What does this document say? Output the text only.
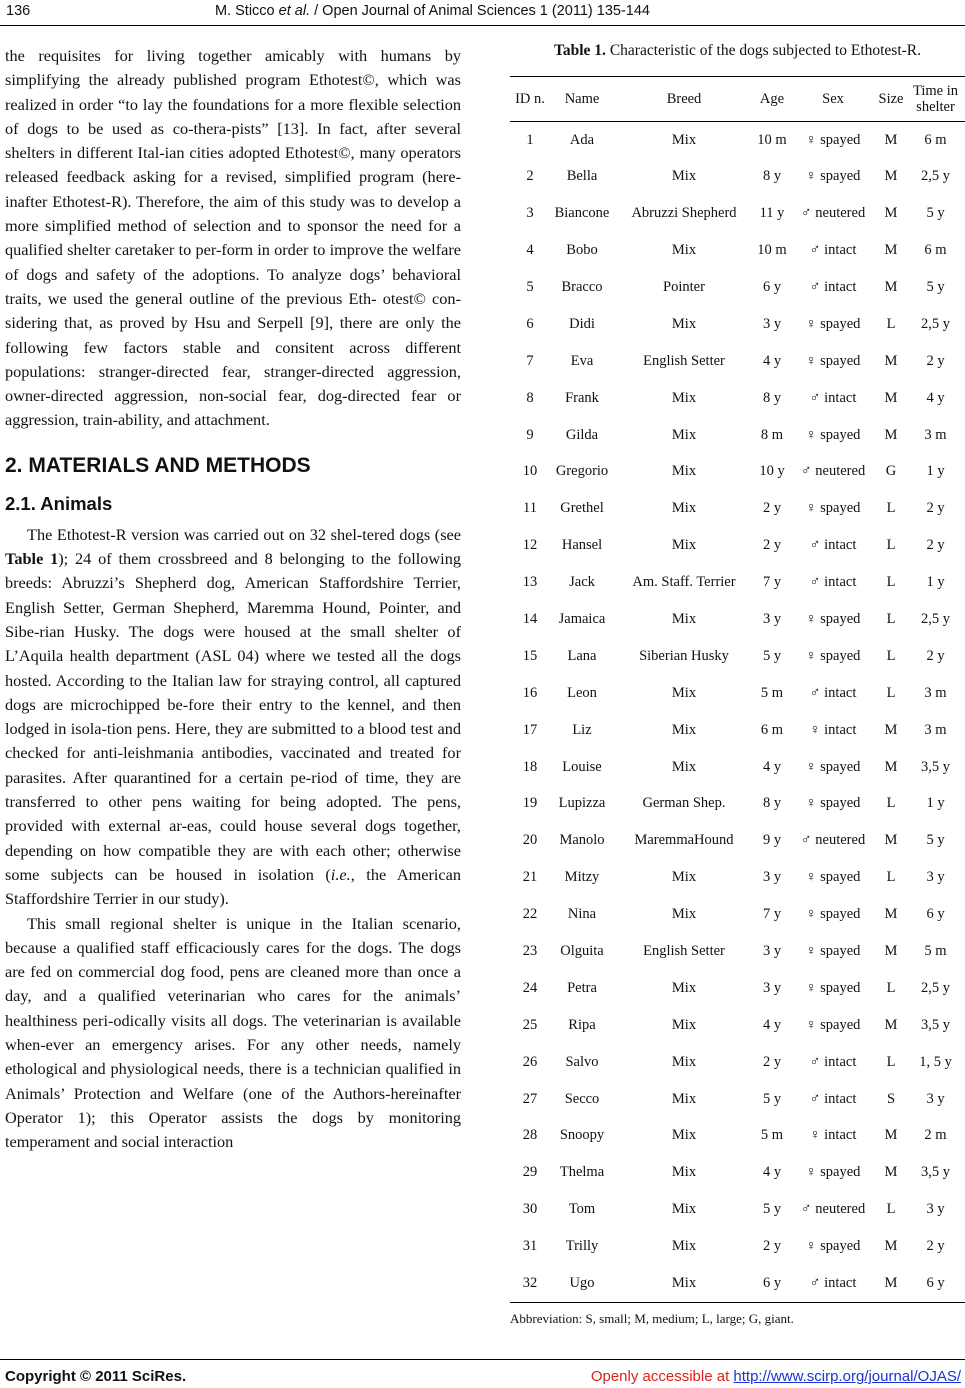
136	M. Sticco et al. / Open Journal of Animal Sciences 1 (2011) 135-144

the requisites for living together amicably with humans by simplifying the already published program Ethotest©, which was realized in order “to lay the foundations for a more flexible selection of dogs to be used as co-thera-pists” [13]. In fact, after several shelters in different Ital-ian cities adopted Ethotest©, many operators released feedback asking for a revised, simplified program (here-inafter Ethotest-R). Therefore, the aim of this study was to develop a more simplified method of selection and to sponsor the need for a qualified shelter caretaker to per-form in order to improve the welfare of dogs and safety of the adoptions. To analyze dogs’ behavioral traits, we used the general outline of the previous Eth- otest© con-sidering that, as proved by Hsu and Serpell [9], there are only the following few factors stable and consitent across different populations: stranger-directed fear, stranger-directed aggression, owner-directed aggression, non-social fear, dog-directed fear or aggression, train-ability, and attachment.

2. MATERIALS AND METHODS
2.1. Animals

The Ethotest-R version was carried out on 32 shel-tered dogs (see Table 1); 24 of them crossbreed and 8 belonging to the following breeds: Abruzzi’s Shepherd dog, American Staffordshire Terrier, English Setter, German Shepherd, Maremma Hound, Pointer, and Sibe-rian Husky. The dogs were housed at the small shelter of L’Aquila health department (ASL 04) where we tested all the dogs hosted. According to the Italian law for straying control, all captured dogs are microchipped be-fore their entry to the kennel, and then lodged in isola-tion pens. Here, they are submitted to a blood test and checked for anti-leishmania antibodies, vaccinated and treated for parasites. After quarantined for a certain pe-riod of time, they are transferred to other pens waiting for being adopted. The pens, provided with external ar-eas, could house several dogs together, depending on how compatible they are with each other; otherwise some subjects can be housed in isolation (i.e., the American Staffordshire Terrier in our study).

This small regional shelter is unique in the Italian scenario, because a qualified staff efficaciously cares for the dogs. The dogs are fed on commercial dog food, pens are cleaned more than once a day, and a qualified veterinarian who cares for the animals’ healthiness peri-odically visits all dogs. The veterinarian is available when-ever an emergency arises. For any other needs, namely ethological and physiological needs, there is a technician qualified in Animals’ Protection and Welfare (one of the Authors-hereinafter Operator 1); this Operator assists the dogs by monitoring temperament and social interaction

Table 1. Characteristic of the dogs subjected to Ethotest-R.

ID n.	Name	Breed	Age	Sex	Size	Time in
shelter
1	Ada	Mix	10 m	♀ spayed	M	6 m
2	Bella	Mix	8 y	♀ spayed	M	2,5 y
3	Biancone	Abruzzi Shepherd	11 y	♂ neutered	M	5 y
4	Bobo	Mix	10 m	♂ intact	M	6 m
5	Bracco	Pointer	6 y	♂ intact	M	5 y
6	Didi	Mix	3 y	♀ spayed	L	2,5 y
7	Eva	English Setter	4 y	♀ spayed	M	2 y
8	Frank	Mix	8 y	♂ intact	M	4 y
9	Gilda	Mix	8 m	♀ spayed	M	3 m
10	Gregorio	Mix	10 y	♂ neutered	G	1 y
11	Grethel	Mix	2 y	♀ spayed	L	2 y
12	Hansel	Mix	2 y	♂ intact	L	2 y
13	Jack	Am. Staff. Terrier	7 y	♂ intact	L	1 y
14	Jamaica	Mix	3 y	♀ spayed	L	2,5 y
15	Lana	Siberian Husky	5 y	♀ spayed	L	2 y
16	Leon	Mix	5 m	♂ intact	L	3 m
17	Liz	Mix	6 m	♀ intact	M	3 m
18	Louise	Mix	4 y	♀ spayed	M	3,5 y
19	Lupizza	German Shep.	8 y	♀ spayed	L	1 y
20	Manolo	MaremmaHound	9 y	♂ neutered	M	5 y
21	Mitzy	Mix	3 y	♀ spayed	L	3 y
22	Nina	Mix	7 y	♀ spayed	M	6 y
23	Olguita	English Setter	3 y	♀ spayed	M	5 m
24	Petra	Mix	3 y	♀ spayed	L	2,5 y
25	Ripa	Mix	4 y	♀ spayed	M	3,5 y
26	Salvo	Mix	2 y	♂ intact	L	1, 5 y
27	Secco	Mix	5 y	♂ intact	S	3 y
28	Snoopy	Mix	5 m	♀ intact	M	2 m
29	Thelma	Mix	4 y	♀ spayed	M	3,5 y
30	Tom	Mix	5 y	♂ neutered	L	3 y
31	Trilly	Mix	2 y	♀ spayed	M	2 y
32	Ugo	Mix	6 y	♂ intact	M	6 y
Abbreviation: S, small; M, medium; L, large; G, giant.
Copyright © 2011 SciRes.	Openly accessible at http://www.scirp.org/journal/OJAS/
